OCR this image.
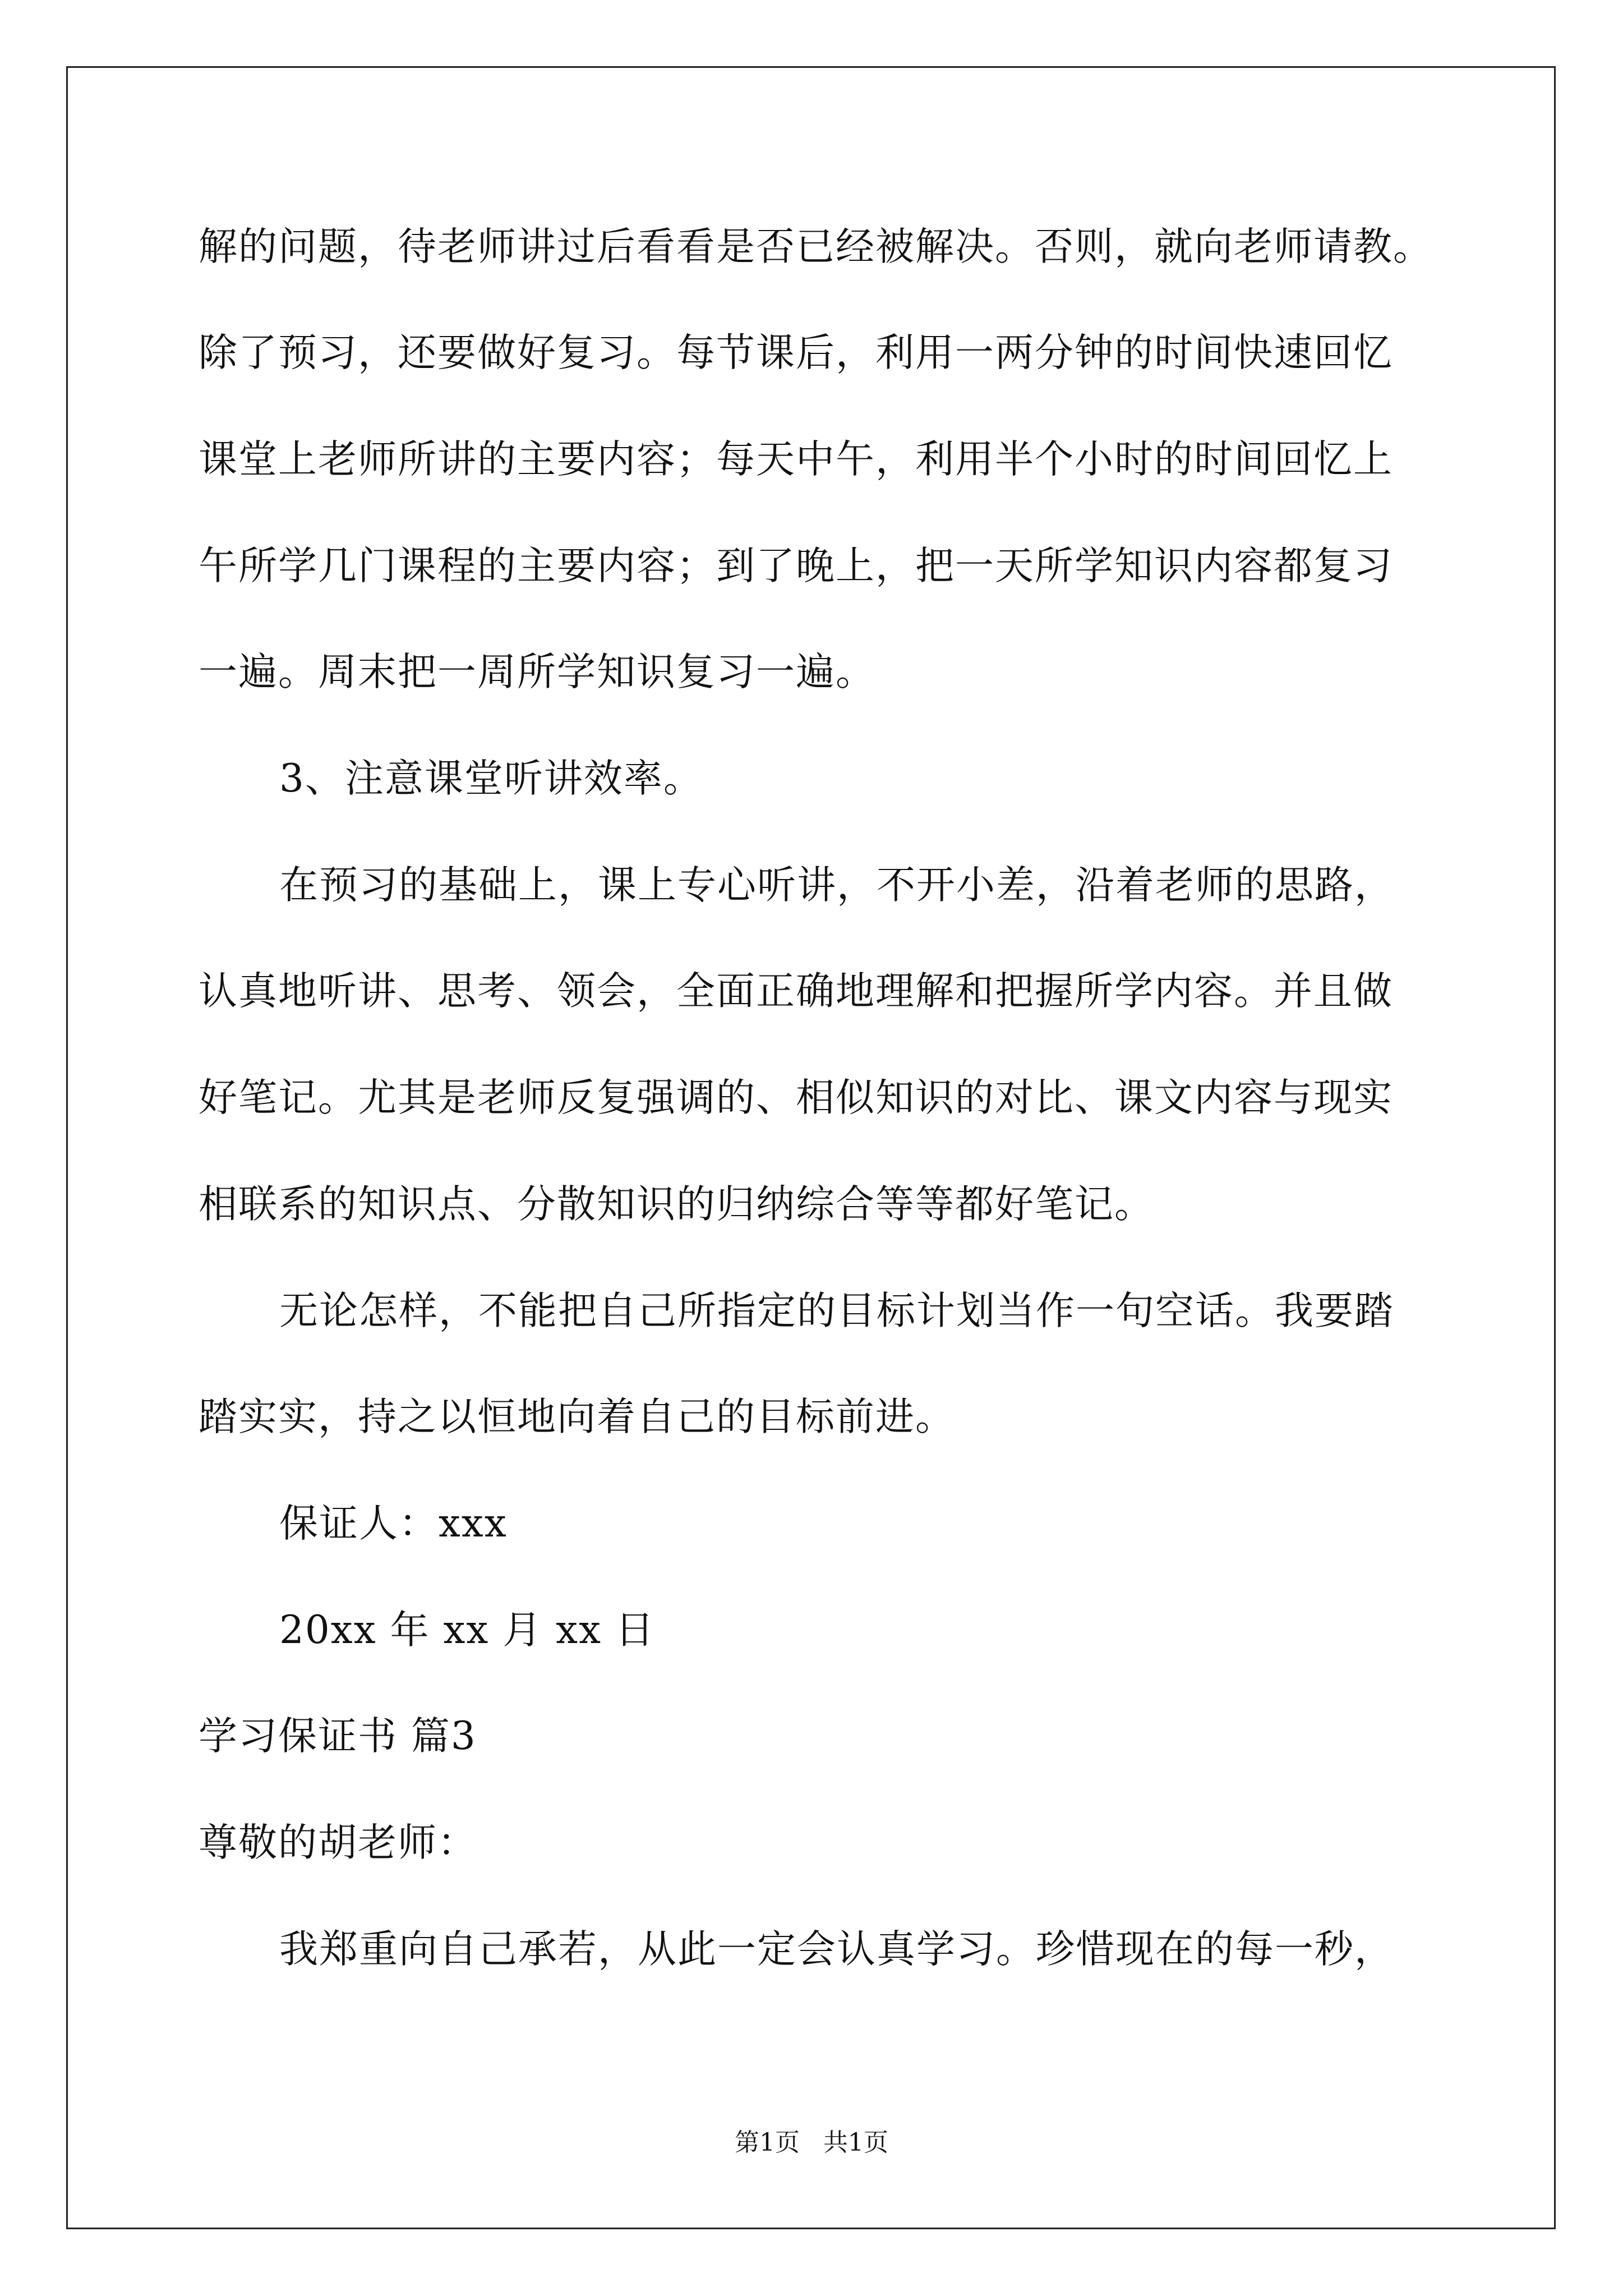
解的问题，待老师讲过后看看是否已经被解决。否则，就向老师请教。
除了预习，还要做好复习。每节课后，利用一两分钟的时间快速回忆
课堂上老师所讲的主要内容；每天中午，利用半个小时的时间回忆上
午所学几门课程的主要内容；到了晚上，把一天所学知识内容都复习
一遍。周末把一周所学知识复习一遍。
3、注意课堂听讲效率。
在预习的基础上，课上专心听讲，不开小差，沿着老师的思路，
认真地听讲、思考、领会，全面正确地理解和把握所学内容。并且做
好笔记。尤其是老师反复强调的、相似知识的对比、课文内容与现实
相联系的知识点、分散知识的归纳综合等等都好笔记。
无论怎样，不能把自己所指定的目标计划当作一句空话。我要踏
踏实实，持之以恒地向着自己的目标前进。
保证人：xxx
20xx 年 xx 月 xx 日
学习保证书 篇3
尊敬的胡老师：
我郑重向自己承若，从此一定会认真学习。珍惜现在的每一秒，
第1页   共1页
